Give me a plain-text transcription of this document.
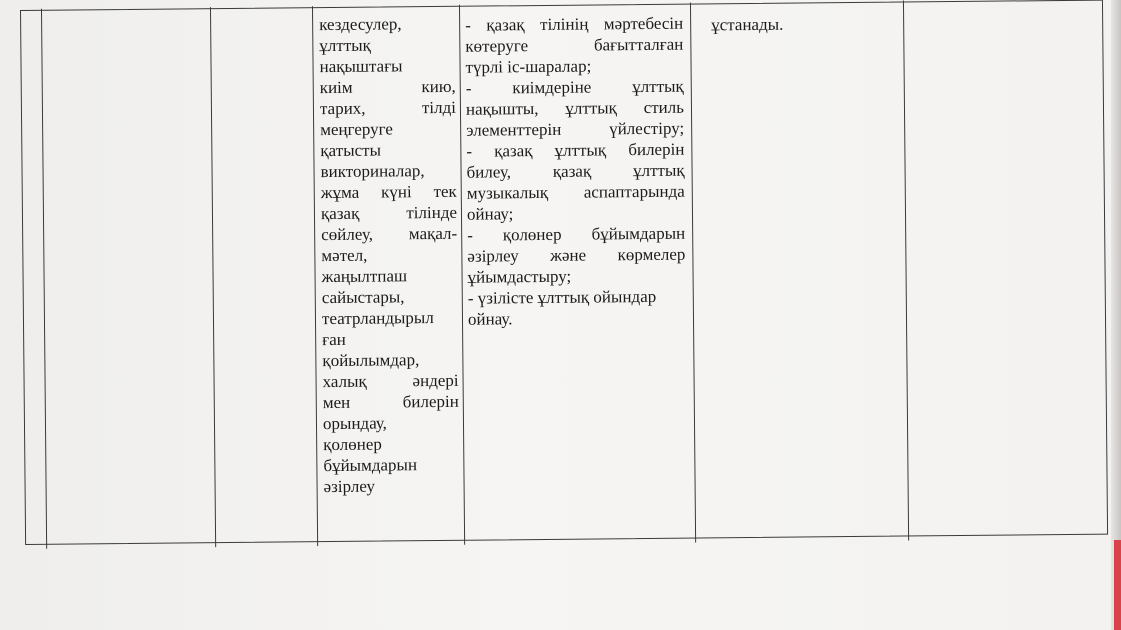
кездесулер,
ұлттық
нақыштағы
киім кию,
тарих, тілді
меңгеруге
қатысты
викториналар,
жұма күні тек
қазақ тілінде
сөйлеу, мақал-
мәтел,
жаңылтпаш
сайыстары,
театрландырыл
ған
қойылымдар,
халық әндері
мен билерін
орындау,
қолөнер
бұйымдарын
әзірлеу
- қазақ тілінің мәртебесін
көтеруге бағытталған
түрлі іс-шаралар;
- киімдеріне ұлттық
нақышты, ұлттық стиль
элементтерін үйлестіру;
- қазақ ұлттық билерін
билеу, қазақ ұлттық
музыкалық аспаптарында
ойнау;
- қолөнер бұйымдарын
әзірлеу және көрмелер
ұйымдастыру;
- үзілісте ұлттық ойындар
ойнау.
ұстанады.
